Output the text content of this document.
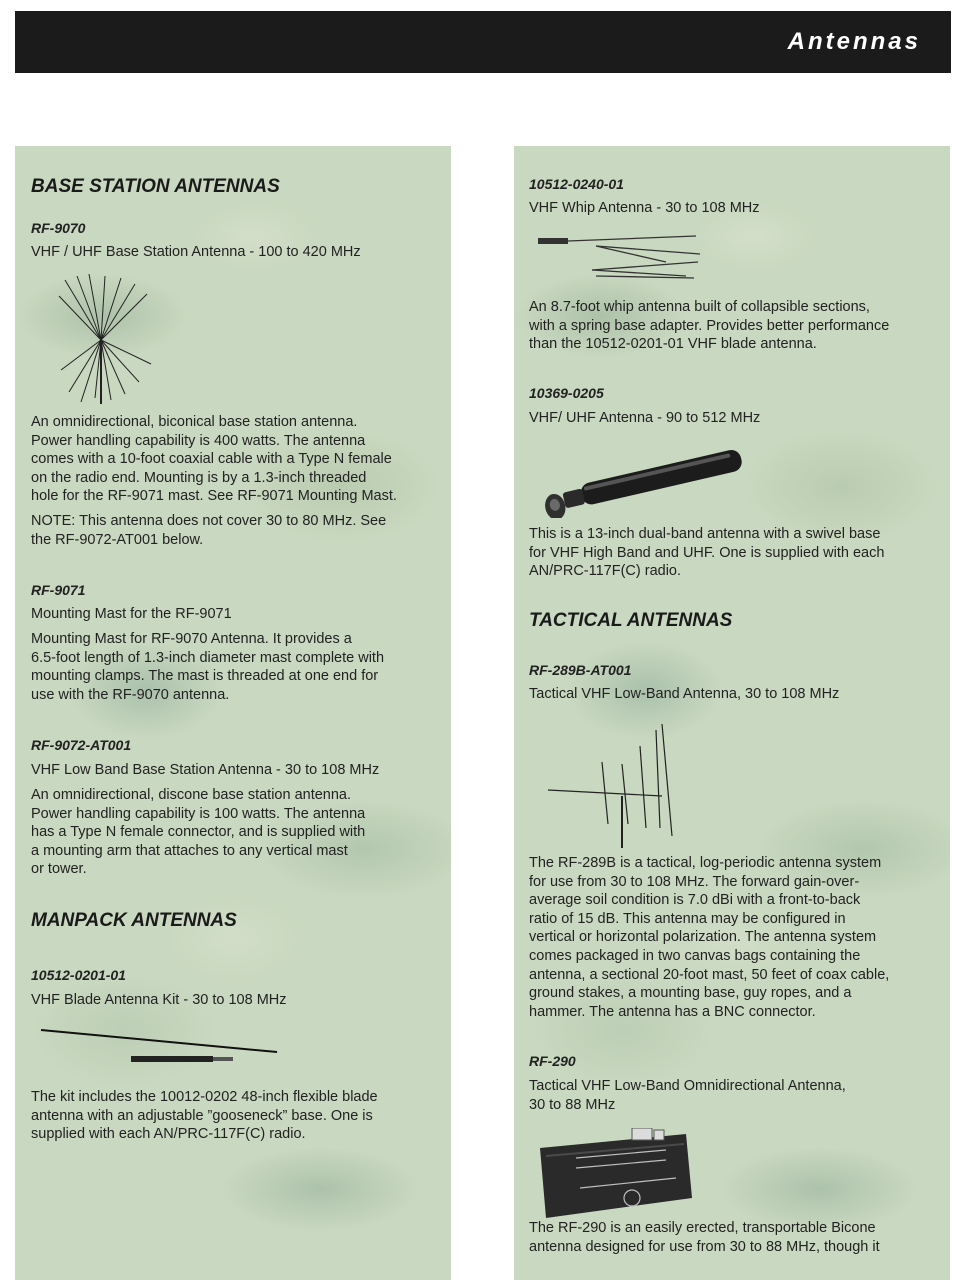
Antennas
BASE STATION ANTENNAS
RF-9070
VHF / UHF Base Station Antenna - 100 to 420 MHz
An omnidirectional, biconical base station antenna.
Power handling capability is 400 watts. The antenna
comes with a 10-foot coaxial cable with a Type N female
on the radio end. Mounting is by a 1.3-inch threaded
hole for the RF-9071 mast. See RF-9071 Mounting Mast.
NOTE: This antenna does not cover 30 to 80 MHz. See
the RF-9072-AT001 below.
RF-9071
Mounting Mast for the RF-9071
Mounting Mast for RF-9070 Antenna. It provides a
6.5-foot length of 1.3-inch diameter mast complete with
mounting clamps. The mast is threaded at one end for
use with the RF-9070 antenna.
RF-9072-AT001
VHF Low Band Base Station Antenna - 30 to 108 MHz
An omnidirectional, discone base station antenna.
Power handling capability is 100 watts. The antenna
has a Type N female connector, and is supplied with
a mounting arm that attaches to any vertical mast
or tower.
MANPACK ANTENNAS
10512-0201-01
VHF Blade Antenna Kit - 30 to 108 MHz
The kit includes the 10012-0202 48-inch flexible blade
antenna with an adjustable ”gooseneck” base. One is
supplied with each AN/PRC-117F(C) radio.
10512-0240-01
VHF Whip Antenna - 30 to 108 MHz
An 8.7-foot whip antenna built of collapsible sections,
with a spring base adapter. Provides better performance
than the 10512-0201-01 VHF blade antenna.
10369-0205
VHF/ UHF Antenna - 90 to 512 MHz
This is a 13-inch dual-band antenna with a swivel base
for VHF High Band and UHF. One is supplied with each
AN/PRC-117F(C) radio.
TACTICAL ANTENNAS
RF-289B-AT001
Tactical VHF Low-Band Antenna, 30 to 108 MHz
The RF-289B is a tactical, log-periodic antenna system
for use from 30 to 108 MHz. The forward gain-over-
average soil condition is 7.0 dBi with a front-to-back
ratio of 15 dB. This antenna may be configured in
vertical or horizontal polarization. The antenna system
comes packaged in two canvas bags containing the
antenna, a sectional 20-foot mast, 50 feet of coax cable,
ground stakes, a mounting base, guy ropes, and a
hammer. The antenna has a BNC connector.
RF-290
Tactical VHF Low-Band Omnidirectional Antenna,
30 to 88 MHz
The RF-290 is an easily erected, transportable Bicone
antenna designed for use from 30 to 88 MHz, though it
